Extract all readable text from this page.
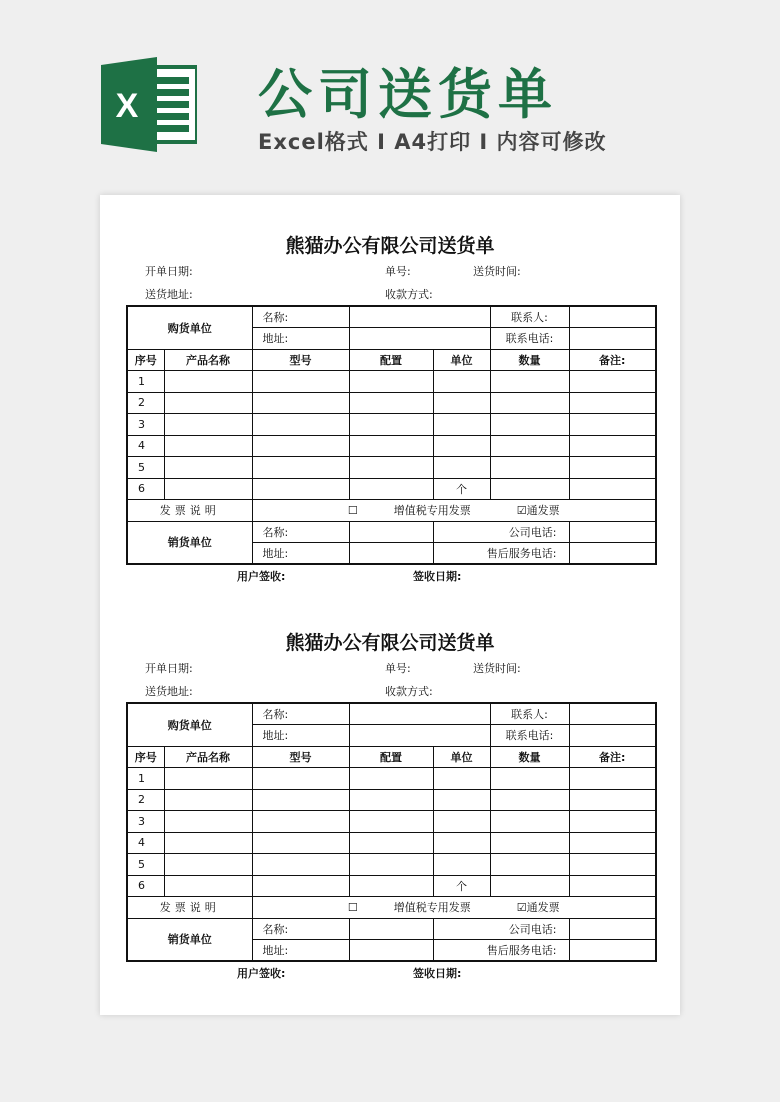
X 公司送货单
Excel格式 I A4打印 I 内容可修改
熊猫办公有限公司送货单
开单日期:	单号:	送货时间:
送货地址:	收款方式:
购货单位		名称:			联系人:	
		地址:			联系电话:	
序号	产品名称	型号	配置	单位	数量	备注:
1						
2						
3						
4						
5						
6				个		
发票说明		☐ 增值税专用发票 ☑通发票				
销货单位		名称:		公司电话:		
		地址:		售后服务电话:		
用户签收:	签收日期:
熊猫办公有限公司送货单
开单日期:	单号:	送货时间:
送货地址:	收款方式:
购货单位		名称:			联系人:	
		地址:			联系电话:	
序号	产品名称	型号	配置	单位	数量	备注:
1						
2						
3						
4						
5						
6				个		
发票说明		☐ 增值税专用发票 ☑通发票				
销货单位		名称:		公司电话:		
		地址:		售后服务电话:		
用户签收:	签收日期:
